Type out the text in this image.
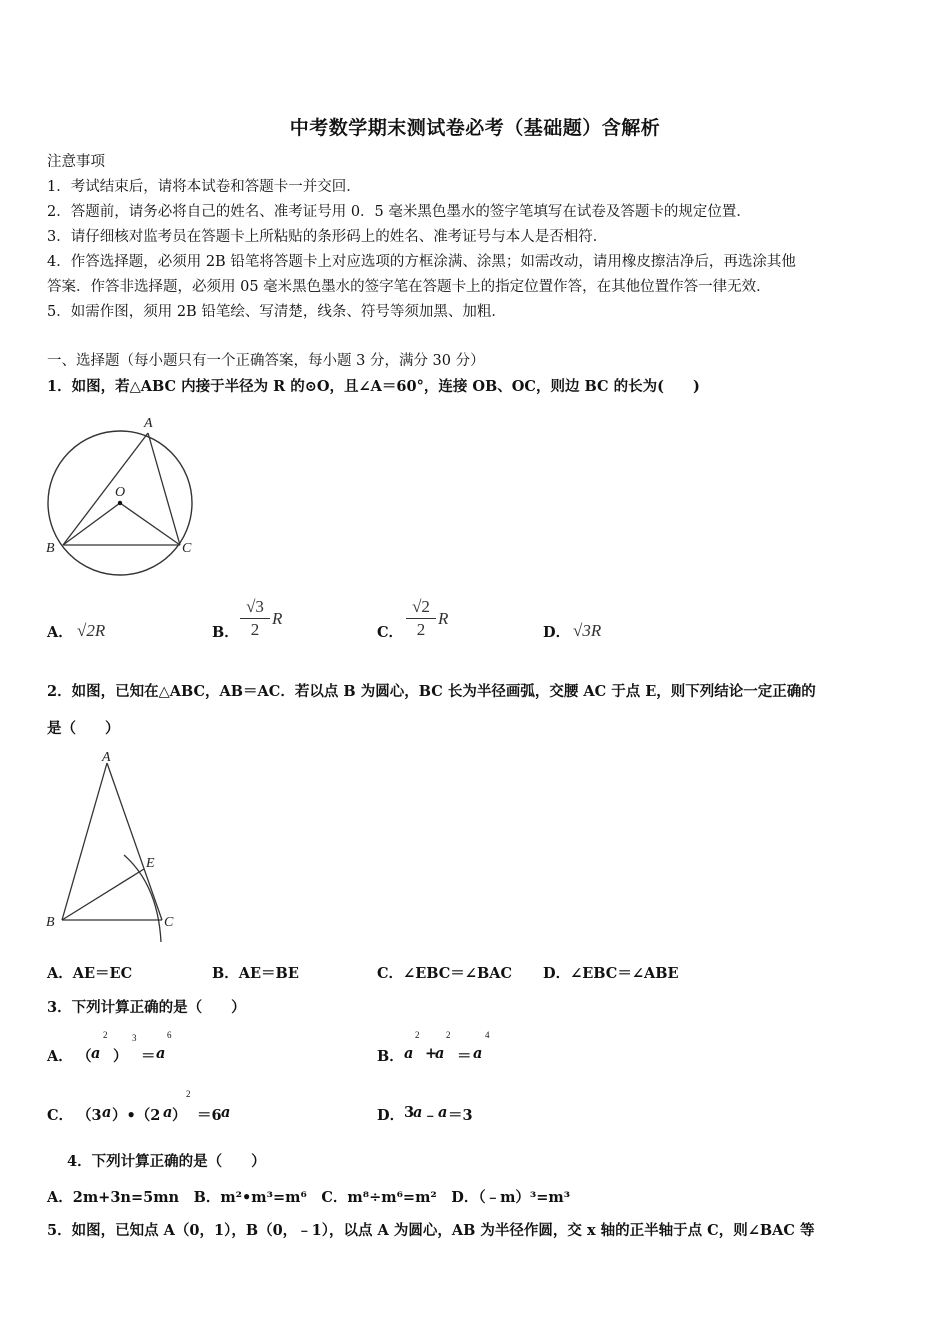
中考数学期末测试卷必考（基础题）含解析
注意事项
1．考试结束后，请将本试卷和答题卡一并交回．
2．答题前，请务必将自己的姓名、准考证号用 0．5 毫米黑色墨水的签字笔填写在试卷及答题卡的规定位置．
3．请仔细核对监考员在答题卡上所粘贴的条形码上的姓名、准考证号与本人是否相符．
4．作答选择题，必须用 2B 铅笔将答题卡上对应选项的方框涂满、涂黑；如需改动，请用橡皮擦洁净后，再选涂其他
答案．作答非选择题，必须用 05 毫米黑色墨水的签字笔在答题卡上的指定位置作答，在其他位置作答一律无效．
5．如需作图，须用 2B 铅笔绘、写清楚，线条、符号等须加黑、加粗．
一、选择题（每小题只有一个正确答案，每小题 3 分，满分 30 分）
1．如图，若△ABC 内接于半径为 R 的⊙O，且∠A＝60°，连接 OB、OC，则边 BC 的长为(　　)
A
O
B	C
A． √2R	B． $\frac{√3}{2}$ R
C． $\frac{√2}{2}$ R
D． √3R
2．如图，已知在△ABC，AB＝AC．若以点 B 为圆心，BC 长为半径画弧，交腰 AC 于点 E，则下列结论一定正确的
是（　　）
A
E
B	C
A．AE＝EC	B．AE＝BE	C．∠EBC＝∠BAC D．∠EBC＝∠ABE
3．下列计算正确的是（　　）
A． （ a
2
）
3
＝ a
6
B． a
2
+
a
2
＝ a
4
C． （3 a ）•（2 a ）
2
＝6 a	D． 3
a ﹣ a ＝3
4．下列计算正确的是（　　）
A．2m+3n=5mn　B．m²•m³=m⁶　C．m⁸÷m⁶=m²　D．（﹣m）³=m³
5．如图，已知点 A（0，1），B（0，﹣1），以点 A 为圆心，AB 为半径作圆，交 x 轴的正半轴于点 C，则∠BAC 等
